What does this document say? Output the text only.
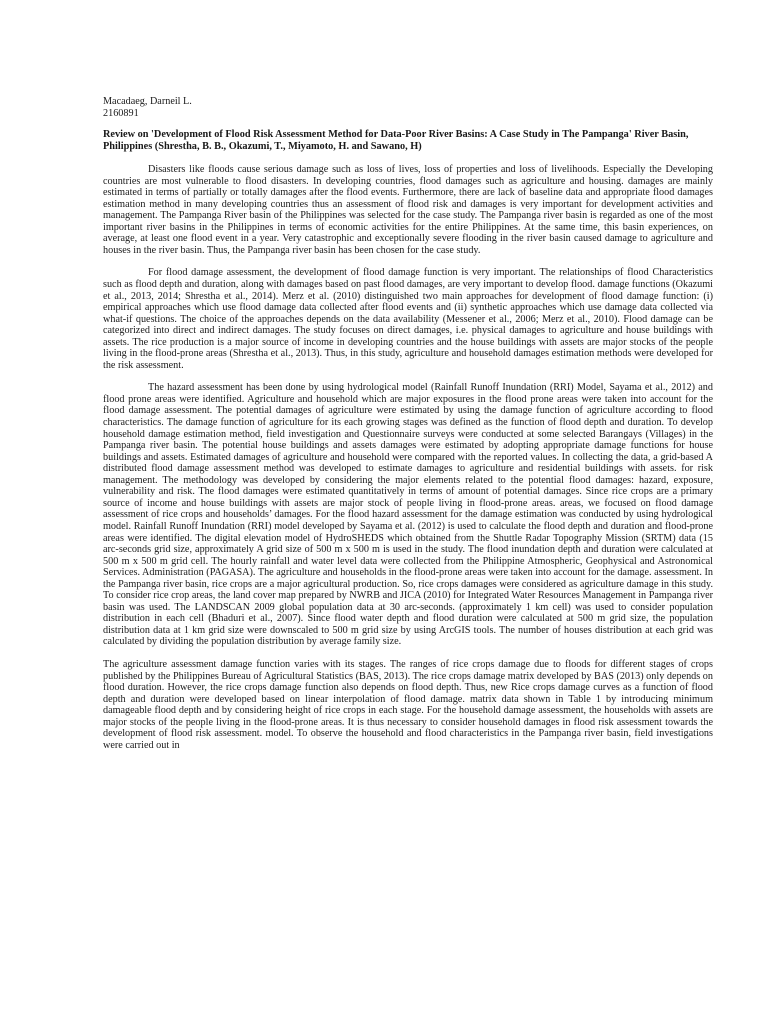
Macadaeg, Darneil L.

2160891

Review on 'Development of Flood Risk Assessment Method for Data-Poor River Basins: A Case Study in The Pampanga' River Basin, Philippines (Shrestha, B. B., Okazumi, T., Miyamoto, H. and Sawano, H)

Disasters like floods cause serious damage such as loss of lives, loss of properties and loss of livelihoods. Especially the Developing countries are most vulnerable to flood disasters. In developing countries, flood damages such as agriculture and housing. damages are mainly estimated in terms of partially or totally damages after the flood events. Furthermore, there are lack of baseline data and appropriate flood damages estimation method in many developing countries thus an assessment of flood risk and damages is very important for development activities and management. The Pampanga River basin of the Philippines was selected for the case study. The Pampanga river basin is regarded as one of the most important river basins in the Philippines in terms of economic activities for the entire Philippines. At the same time, this basin experiences, on average, at least one flood event in a year. Very catastrophic and exceptionally severe flooding in the river basin caused damage to agriculture and houses in the river basin. Thus, the Pampanga river basin has been chosen for the case study.

For flood damage assessment, the development of flood damage function is very important. The relationships of flood Characteristics such as flood depth and duration, along with damages based on past flood damages, are very important to develop flood. damage functions (Okazumi et al., 2013, 2014; Shrestha et al., 2014). Merz et al. (2010) distinguished two main approaches for development of flood damage function: (i) empirical approaches which use flood damage data collected after flood events and (ii) synthetic approaches which use damage data collected via what-if questions. The choice of the approaches depends on the data availability (Messener et al., 2006; Merz et al., 2010). Flood damage can be categorized into direct and indirect damages. The study focuses on direct damages, i.e. physical damages to agriculture and house buildings with assets. The rice production is a major source of income in developing countries and the house buildings with assets are major stocks of the people living in the flood-prone areas (Shrestha et al., 2013). Thus, in this study, agriculture and household damages estimation methods were developed for the risk assessment.

The hazard assessment has been done by using hydrological model (Rainfall Runoff Inundation (RRI) Model, Sayama et al., 2012) and flood prone areas were identified. Agriculture and household which are major exposures in the flood prone areas were taken into account for the flood damage assessment. The potential damages of agriculture were estimated by using the damage function of agriculture according to flood characteristics. The damage function of agriculture for its each growing stages was defined as the function of flood depth and duration. To develop household damage estimation method, field investigation and Questionnaire surveys were conducted at some selected Barangays (Villages) in the Pampanga river basin. The potential house buildings and assets damages were estimated by adopting appropriate damage functions for house buildings and assets. Estimated damages of agriculture and household were compared with the reported values. In collecting the data, a grid-based A distributed flood damage assessment method was developed to estimate damages to agriculture and residential buildings with assets. for risk management. The methodology was developed by considering the major elements related to the potential flood damages: hazard, exposure, vulnerability and risk. The flood damages were estimated quantitatively in terms of amount of potential damages. Since rice crops are a primary source of income and house buildings with assets are major stock of people living in flood-prone areas. areas, we focused on flood damage assessment of rice crops and households’ damages. For the flood hazard assessment for the damage estimation was conducted by using hydrological model. Rainfall Runoff Inundation (RRI) model developed by Sayama et al. (2012) is used to calculate the flood depth and duration and flood-prone areas were identified. The digital elevation model of HydroSHEDS which obtained from the Shuttle Radar Topography Mission (SRTM) data (15 arc-seconds grid size, approximately A grid size of 500 m x 500 m is used in the study. The flood inundation depth and duration were calculated at 500 m x 500 m grid cell. The hourly rainfall and water level data were collected from the Philippine Atmospheric, Geophysical and Astronomical Services. Administration (PAGASA). The agriculture and households in the flood-prone areas were taken into account for the damage. assessment. In the Pampanga river basin, rice crops are a major agricultural production. So, rice crops damages were considered as agriculture damage in this study. To consider rice crop areas, the land cover map prepared by NWRB and JICA (2010) for Integrated Water Resources Management in Pampanga river basin was used. The LANDSCAN 2009 global population data at 30 arc-seconds. (approximately 1 km cell) was used to consider population distribution in each cell (Bhaduri et al., 2007). Since flood water depth and flood duration were calculated at 500 m grid size, the population distribution data at 1 km grid size were downscaled to 500 m grid size by using ArcGIS tools. The number of houses distribution at each grid was calculated by dividing the population distribution by average family size.

The agriculture assessment damage function varies with its stages. The ranges of rice crops damage due to floods for different stages of crops published by the Philippines Bureau of Agricultural Statistics (BAS, 2013). The rice crops damage matrix developed by BAS (2013) only depends on flood duration. However, the rice crops damage function also depends on flood depth. Thus, new Rice crops damage curves as a function of flood depth and duration were developed based on linear interpolation of flood damage. matrix data shown in Table 1 by introducing minimum damageable flood depth and by considering height of rice crops in each stage. For the household damage assessment, the households with assets are major stocks of the people living in the flood-prone areas. It is thus necessary to consider household damages in flood risk assessment towards the development of flood risk assessment. model. To observe the household and flood characteristics in the Pampanga river basin, field investigations were carried out in
